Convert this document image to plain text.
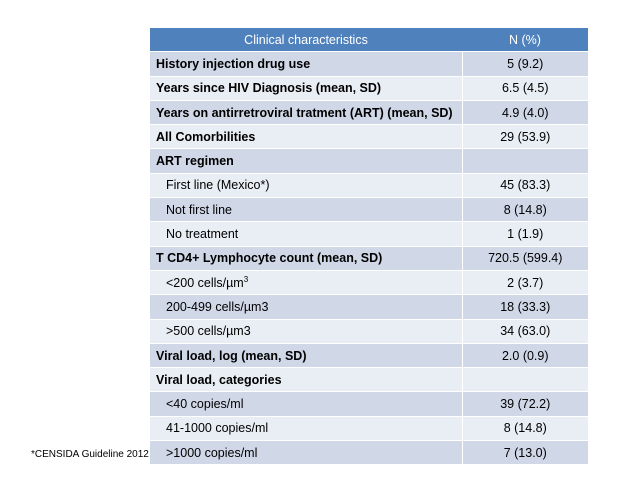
Clinical characteristics	N (%)
History injection drug use	5 (9.2)
Years since HIV Diagnosis (mean, SD)	6.5 (4.5)
Years on antirretroviral tratment (ART) (mean, SD)	4.9 (4.0)
All Comorbilities	29 (53.9)
ART regimen	
First line (Mexico*)	45 (83.3)
Not first line	8 (14.8)
No treatment	1 (1.9)
T CD4+ Lymphocyte count (mean, SD)	720.5 (599.4)
<200 cells/µm$^3$	2 (3.7)
200-499 cells/µm3	18 (33.3)
>500 cells/µm3	34 (63.0)
Viral load, log (mean, SD)	2.0 (0.9)
Viral load, categories	
<40 copies/ml	39 (72.2)
41-1000 copies/ml	8 (14.8)
>1000 copies/ml	7 (13.0)
*CENSIDA Guideline 2012
